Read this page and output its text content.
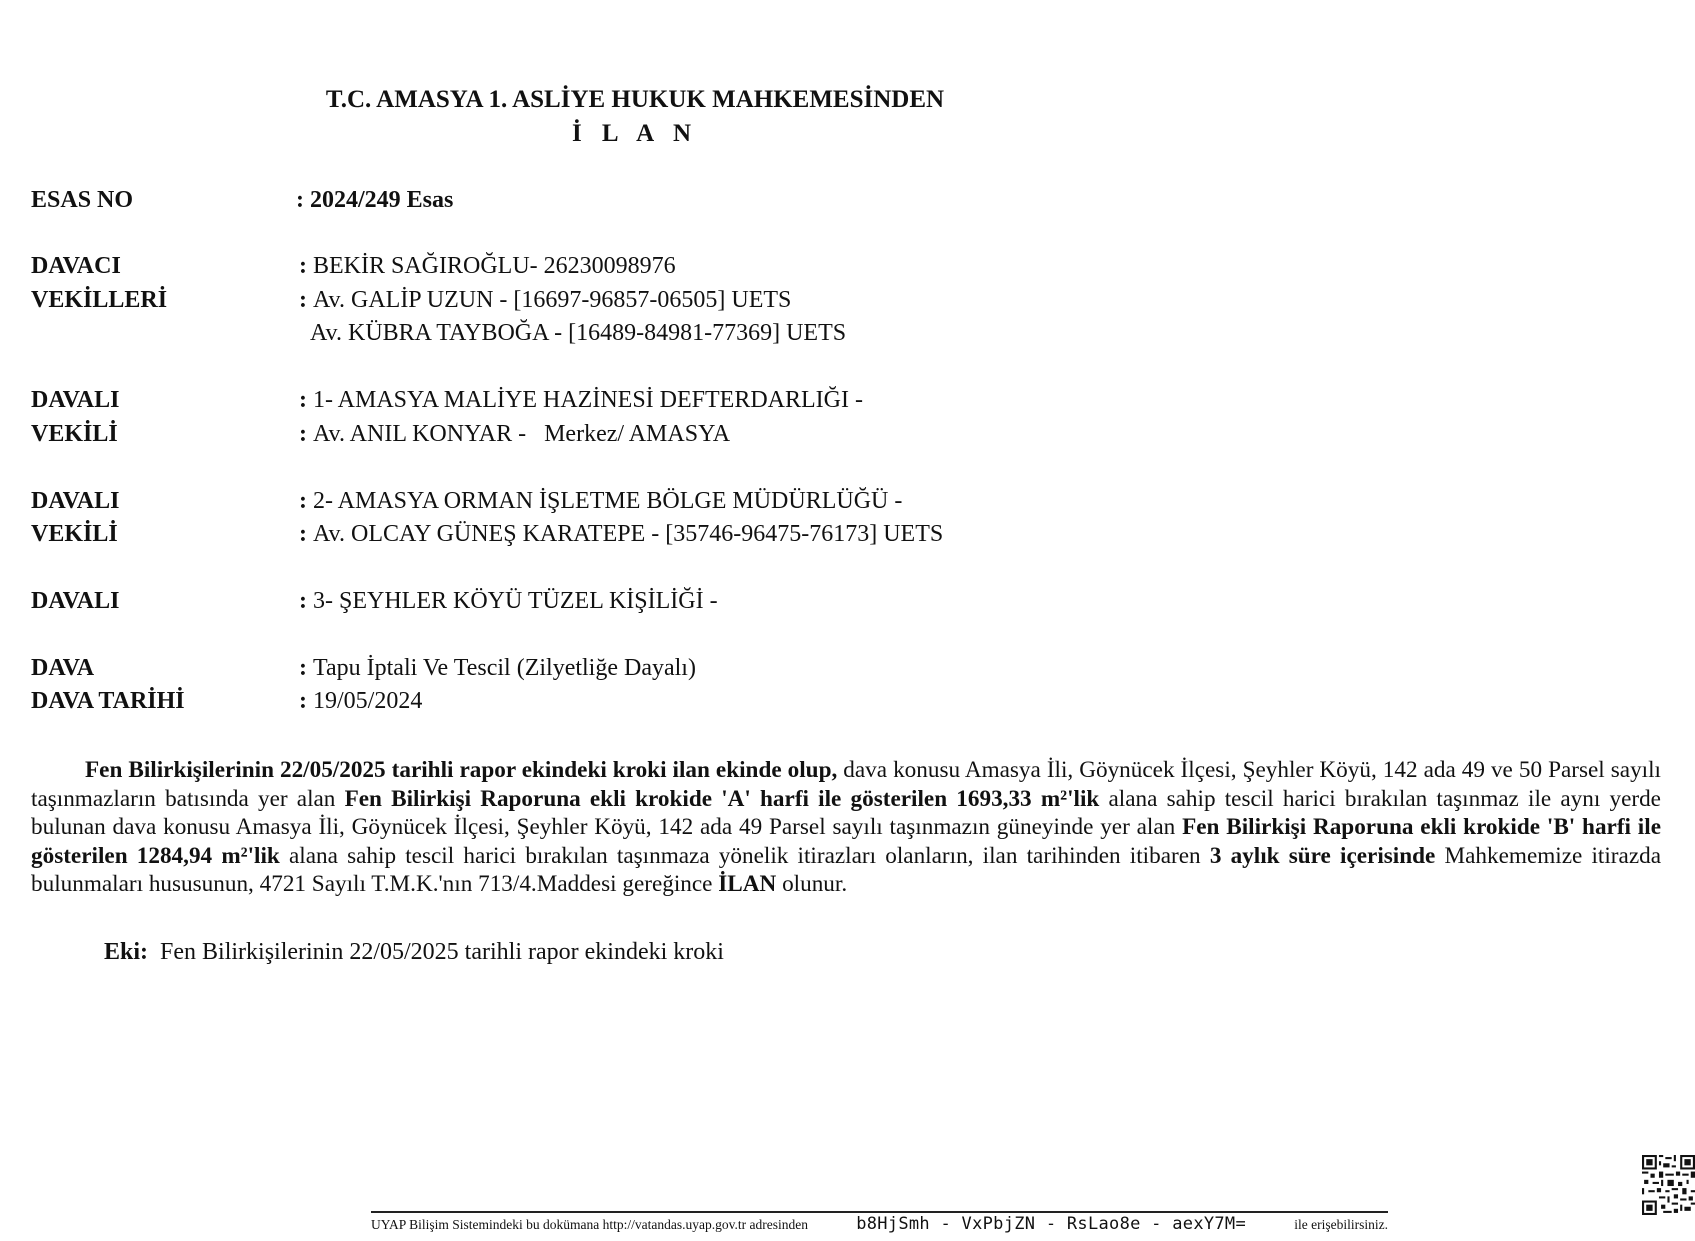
T.C. AMASYA 1. ASLİYE HUKUK MAHKEMESİNDEN
İ L A N
ESAS NO	: 2024/249 Esas
DAVACI	: BEKİR SAĞIROĞLU- 26230098976
VEKİLLERİ	: Av. GALİP UZUN - [16697-96857-06505] UETS
Av. KÜBRA TAYBOĞA - [16489-84981-77369] UETS
DAVALI	: 1- AMASYA MALİYE HAZİNESİ DEFTERDARLIĞI -
VEKİLİ	: Av. ANIL KONYAR -   Merkez/ AMASYA
DAVALI	: 2- AMASYA ORMAN İŞLETME BÖLGE MÜDÜRLÜĞÜ -
VEKİLİ	: Av. OLCAY GÜNEŞ KARATEPE - [35746-96475-76173] UETS
DAVALI	: 3- ŞEYHLER KÖYÜ TÜZEL KİŞİLİĞİ -
DAVA	: Tapu İptali Ve Tescil (Zilyetliğe Dayalı)
DAVA TARİHİ	: 19/05/2024

Fen Bilirkişilerinin 22/05/2025 tarihli rapor ekindeki kroki ilan ekinde olup, dava konusu Amasya İli, Göynücek İlçesi, Şeyhler Köyü, 142 ada 49 ve 50 Parsel sayılı taşınmazların batısında yer alan Fen Bilirkişi Raporuna ekli krokide 'A' harfi ile gösterilen 1693,33 m²'lik alana sahip tescil harici bırakılan taşınmaz ile aynı yerde bulunan dava konusu Amasya İli, Göynücek İlçesi, Şeyhler Köyü, 142 ada 49 Parsel sayılı taşınmazın güneyinde yer alan Fen Bilirkişi Raporuna ekli krokide 'B' harfi ile gösterilen 1284,94 m²'lik alana sahip tescil harici bırakılan taşınmaza yönelik itirazları olanların, ilan tarihinden itibaren 3 aylık süre içerisinde Mahkememize itirazda bulunmaları hususunun, 4721 Sayılı T.M.K.'nın 713/4.Maddesi gereğince İLAN olunur.

Eki: Fen Bilirkişilerinin 22/05/2025 tarihli rapor ekindeki kroki
UYAP Bilişim Sistemindeki bu dokümana http://vatandas.uyap.gov.tr adresinden	b8HjSmh - VxPbjZN - RsLao8e - aexY7M=	ile erişebilirsiniz.
